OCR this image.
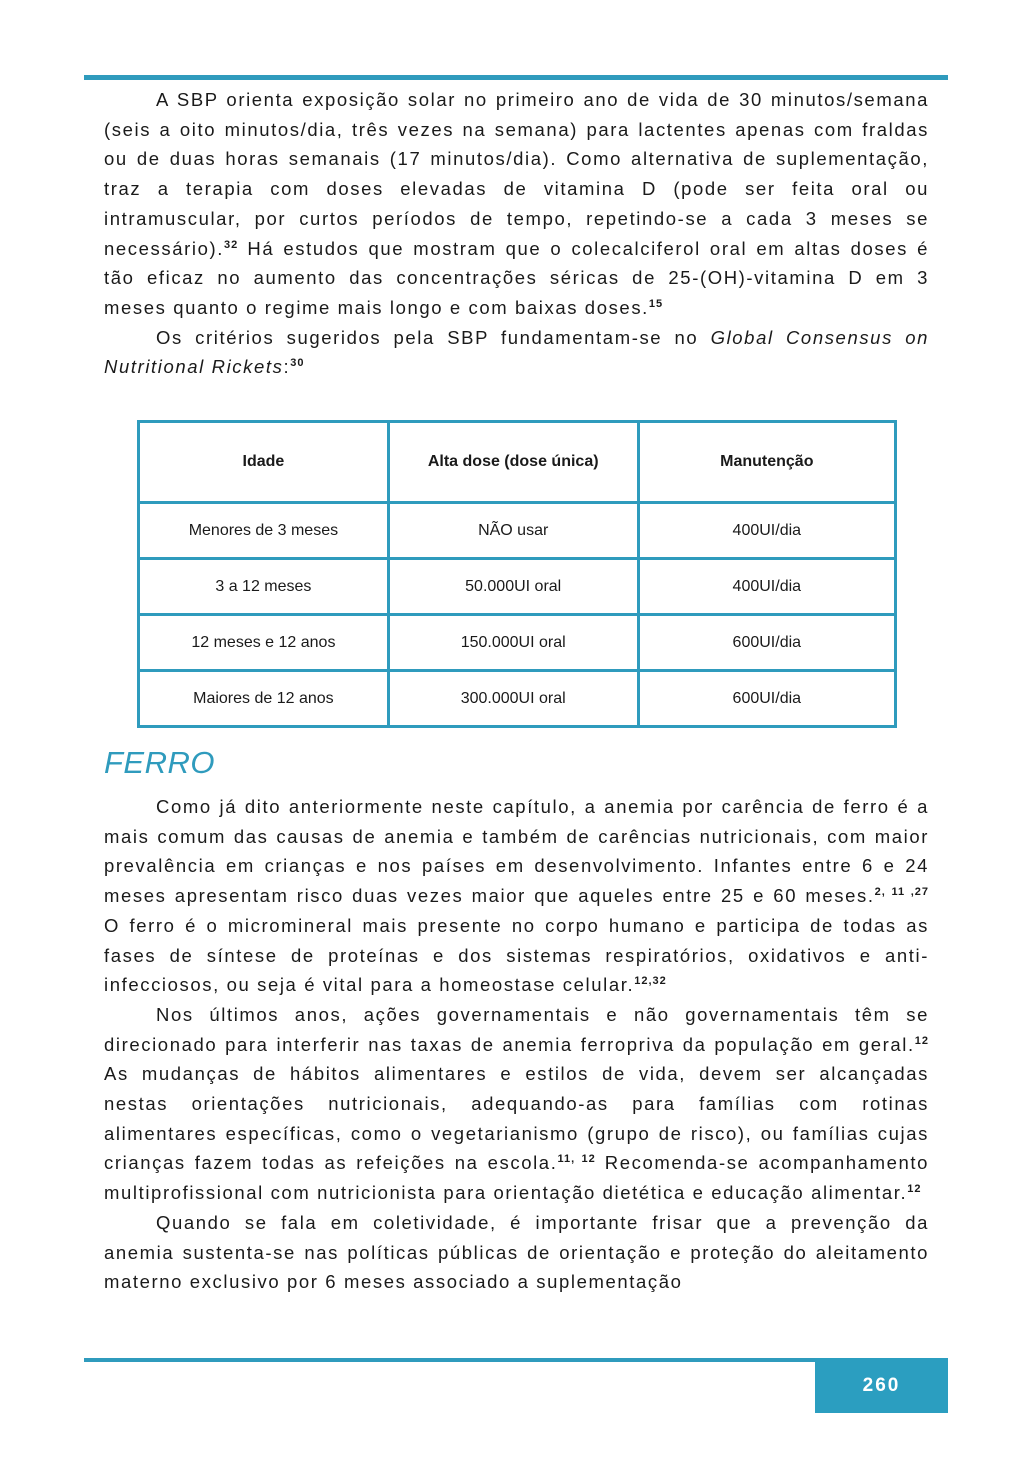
A SBP orienta exposição solar no primeiro ano de vida de 30 minutos/semana (seis a oito minutos/dia, três vezes na semana) para lactentes apenas com fraldas ou de duas horas semanais (17 minutos/dia). Como alternativa de suplementação, traz a terapia com doses elevadas de vitamina D (pode ser feita oral ou intramuscular, por curtos períodos de tempo, repetindo-se a cada 3 meses se necessário).$^{32}$ Há estudos que mostram que o colecalciferol oral em altas doses é tão eficaz no aumento das concentrações séricas de 25-(OH)-vitamina D em 3 meses quanto o regime mais longo e com baixas doses.$^{15}$

Os critérios sugeridos pela SBP fundamentam-se no Global Consensus on Nutritional Rickets:$^{30}$

Idade	Alta dose (dose única)	Manutenção
Menores de 3 meses	NÃO usar	400UI/dia
3 a 12 meses	50.000UI oral	400UI/dia
12 meses e 12 anos	150.000UI oral	600UI/dia
Maiores de 12 anos	300.000UI oral	600UI/dia
FERRO

Como já dito anteriormente neste capítulo, a anemia por carência de ferro é a mais comum das causas de anemia e também de carências nutricionais, com maior prevalência em crianças e nos países em desenvolvimento. Infantes entre 6 e 24 meses apresentam risco duas vezes maior que aqueles entre 25 e 60 meses.$^{2, 11 ,27}$ O ferro é o micromineral mais presente no corpo humano e participa de todas as fases de síntese de proteínas e dos sistemas respiratórios, oxidativos e anti-infecciosos, ou seja é vital para a homeostase celular.$^{12,32}$

Nos últimos anos, ações governamentais e não governamentais têm se direcionado para interferir nas taxas de anemia ferropriva da população em geral.$^{12}$ As mudanças de hábitos alimentares e estilos de vida, devem ser alcançadas nestas orientações nutricionais, adequando-as para famílias com rotinas alimentares específicas, como o vegetarianismo (grupo de risco), ou famílias cujas crianças fazem todas as refeições na escola.$^{11, 12}$ Recomenda-se acompanhamento multiprofissional com nutricionista para orientação dietética e educação alimentar.$^{12}$

Quando se fala em coletividade, é importante frisar que a prevenção da anemia sustenta-se nas políticas públicas de orientação e proteção do aleitamento materno exclusivo por 6 meses associado a suplementação

260
